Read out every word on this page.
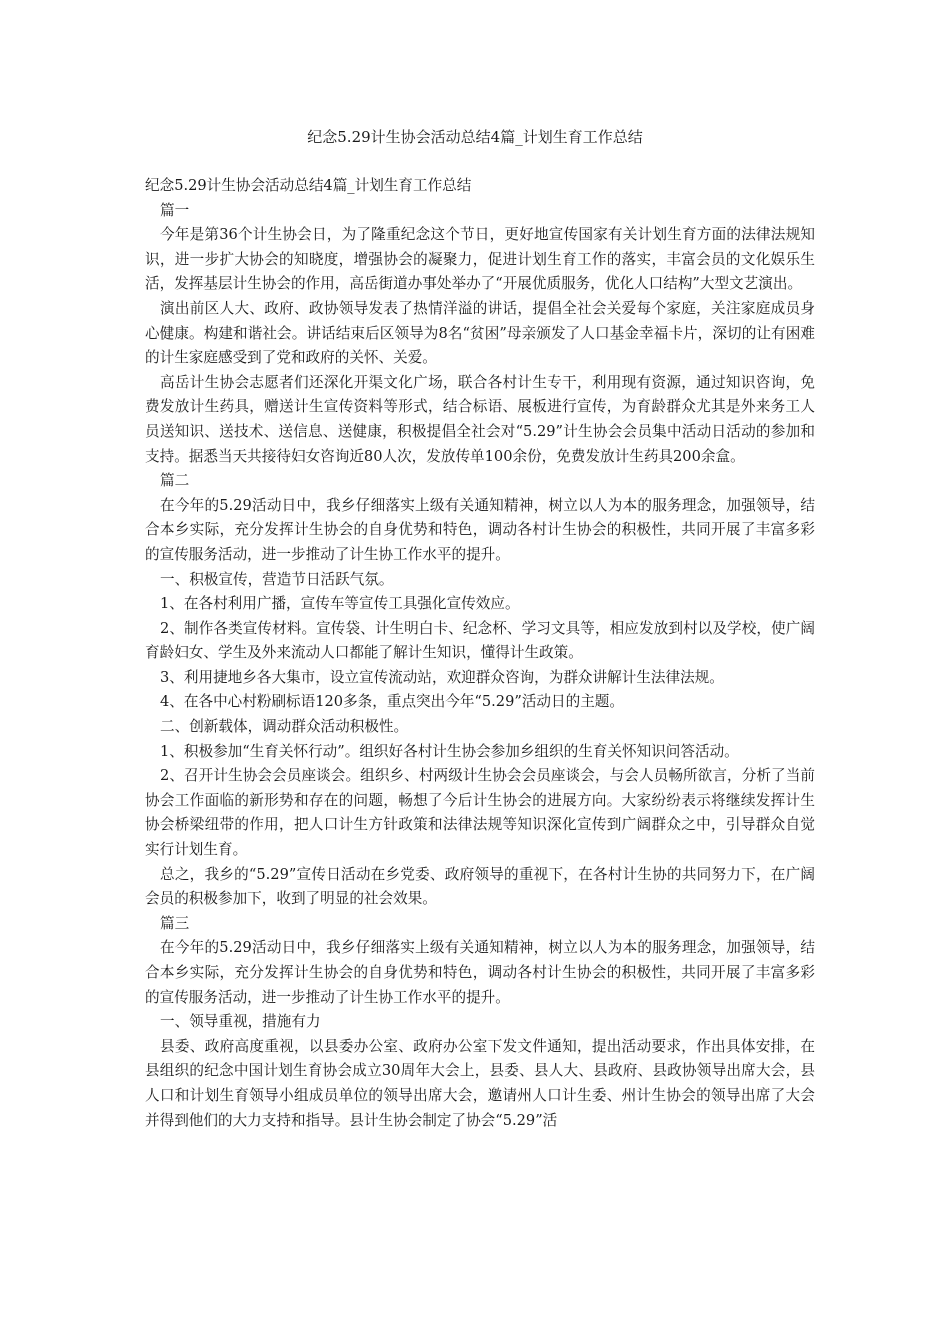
纪念5.29计生协会活动总结4篇_计划生育工作总结

纪念5.29计生协会活动总结4篇_计划生育工作总结

篇一

今年是第36个计生协会日，为了隆重纪念这个节日，更好地宣传国家有关计划生育方面的法律法规知识，进一步扩大协会的知晓度，增强协会的凝聚力，促进计划生育工作的落实，丰富会员的文化娱乐生活，发挥基层计生协会的作用，高岳街道办事处举办了“开展优质服务，优化人口结构”大型文艺演出。

演出前区人大、政府、政协领导发表了热情洋溢的讲话，提倡全社会关爱每个家庭，关注家庭成员身心健康。构建和谐社会。讲话结束后区领导为8名“贫困”母亲颁发了人口基金幸福卡片，深切的让有困难的计生家庭感受到了党和政府的关怀、关爱。

高岳计生协会志愿者们还深化开渠文化广场，联合各村计生专干，利用现有资源，通过知识咨询，免费发放计生药具，赠送计生宣传资料等形式，结合标语、展板进行宣传，为育龄群众尤其是外来务工人员送知识、送技术、送信息、送健康，积极提倡全社会对“5.29”计生协会会员集中活动日活动的参加和支持。据悉当天共接待妇女咨询近80人次，发放传单100余份，免费发放计生药具200余盒。

篇二

在今年的5.29活动日中，我乡仔细落实上级有关通知精神，树立以人为本的服务理念，加强领导，结合本乡实际，充分发挥计生协会的自身优势和特色，调动各村计生协会的积极性，共同开展了丰富多彩的宣传服务活动，进一步推动了计生协工作水平的提升。

一、积极宣传，营造节日活跃气氛。

1、在各村利用广播，宣传车等宣传工具强化宣传效应。

2、制作各类宣传材料。宣传袋、计生明白卡、纪念杯、学习文具等，相应发放到村以及学校，使广阔育龄妇女、学生及外来流动人口都能了解计生知识，懂得计生政策。

3、利用捷地乡各大集市，设立宣传流动站，欢迎群众咨询，为群众讲解计生法律法规。

4、在各中心村粉刷标语120多条，重点突出今年“5.29”活动日的主题。

二、创新载体，调动群众活动积极性。

1、积极参加“生育关怀行动”。组织好各村计生协会参加乡组织的生育关怀知识问答活动。

2、召开计生协会会员座谈会。组织乡、村两级计生协会会员座谈会，与会人员畅所欲言，分析了当前协会工作面临的新形势和存在的问题，畅想了今后计生协会的进展方向。大家纷纷表示将继续发挥计生协会桥梁纽带的作用，把人口计生方针政策和法律法规等知识深化宣传到广阔群众之中，引导群众自觉实行计划生育。

总之，我乡的“5.29”宣传日活动在乡党委、政府领导的重视下，在各村计生协的共同努力下，在广阔会员的积极参加下，收到了明显的社会效果。

篇三

在今年的5.29活动日中，我乡仔细落实上级有关通知精神，树立以人为本的服务理念，加强领导，结合本乡实际，充分发挥计生协会的自身优势和特色，调动各村计生协会的积极性，共同开展了丰富多彩的宣传服务活动，进一步推动了计生协工作水平的提升。

一、领导重视，措施有力

县委、政府高度重视，以县委办公室、政府办公室下发文件通知，提出活动要求，作出具体安排，在县组织的纪念中国计划生育协会成立30周年大会上，县委、县人大、县政府、县政协领导出席大会，县人口和计划生育领导小组成员单位的领导出席大会，邀请州人口计生委、州计生协会的领导出席了大会并得到他们的大力支持和指导。县计生协会制定了协会“5.29”活
